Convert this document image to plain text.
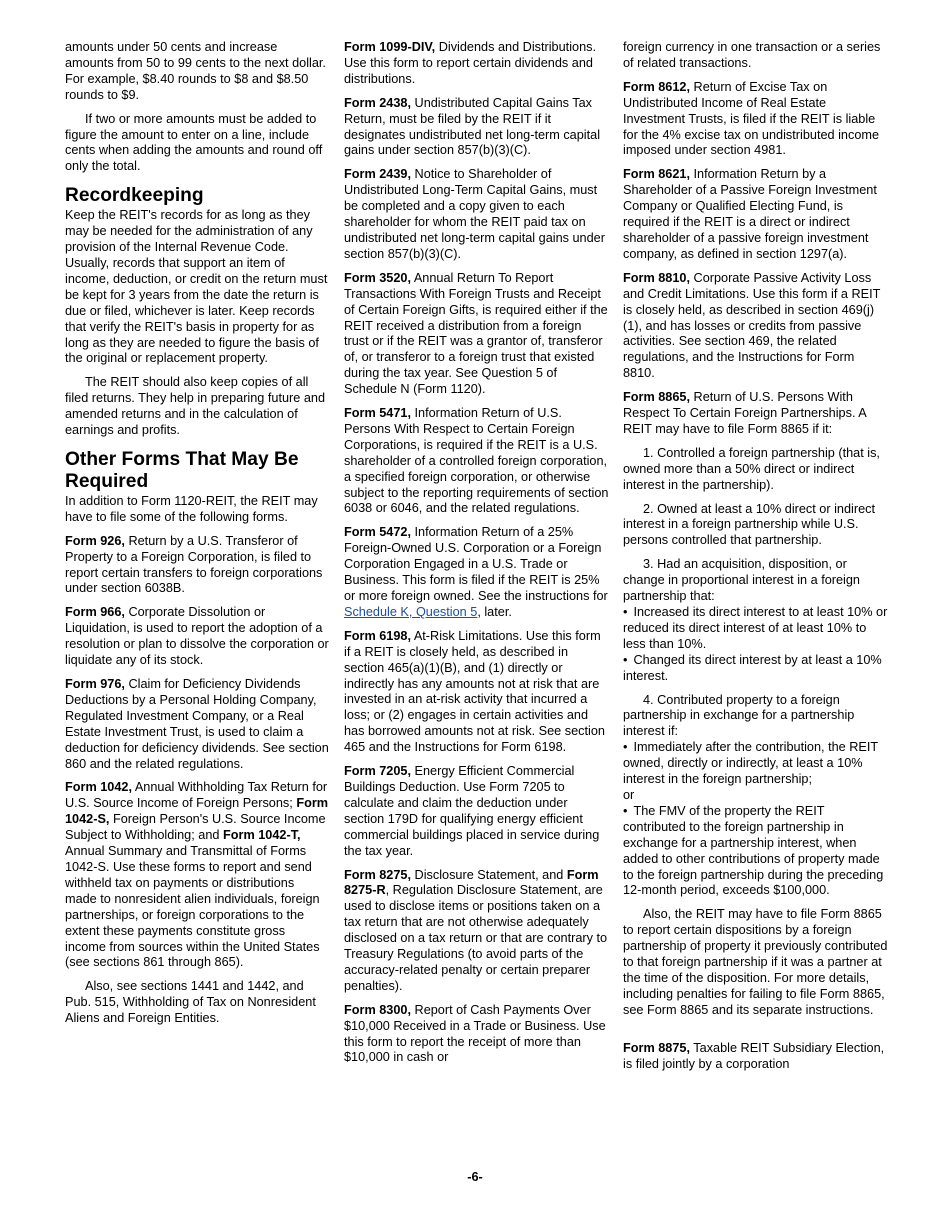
amounts under 50 cents and increase amounts from 50 to 99 cents to the next dollar. For example, $8.40 rounds to $8 and $8.50 rounds to $9.

If two or more amounts must be added to figure the amount to enter on a line, include cents when adding the amounts and round off only the total.

Recordkeeping

Keep the REIT's records for as long as they may be needed for the administration of any provision of the Internal Revenue Code. Usually, records that support an item of income, deduction, or credit on the return must be kept for 3 years from the date the return is due or filed, whichever is later. Keep records that verify the REIT's basis in property for as long as they are needed to figure the basis of the original or replacement property.

The REIT should also keep copies of all filed returns. They help in preparing future and amended returns and in the calculation of earnings and profits.

Other Forms That May Be Required

In addition to Form 1120-REIT, the REIT may have to file some of the following forms.

Form 926, Return by a U.S. Transferor of Property to a Foreign Corporation, is filed to report certain transfers to foreign corporations under section 6038B.

Form 966, Corporate Dissolution or Liquidation, is used to report the adoption of a resolution or plan to dissolve the corporation or liquidate any of its stock.

Form 976, Claim for Deficiency Dividends Deductions by a Personal Holding Company, Regulated Investment Company, or a Real Estate Investment Trust, is used to claim a deduction for deficiency dividends. See section 860 and the related regulations.

Form 1042, Annual Withholding Tax Return for U.S. Source Income of Foreign Persons; Form 1042-S, Foreign Person's U.S. Source Income Subject to Withholding; and Form 1042-T, Annual Summary and Transmittal of Forms 1042-S. Use these forms to report and send withheld tax on payments or distributions made to nonresident alien individuals, foreign partnerships, or foreign corporations to the extent these payments constitute gross income from sources within the United States (see sections 861 through 865).

Also, see sections 1441 and 1442, and Pub. 515, Withholding of Tax on Nonresident Aliens and Foreign Entities.

Form 1099-DIV, Dividends and Distributions. Use this form to report certain dividends and distributions.

Form 2438, Undistributed Capital Gains Tax Return, must be filed by the REIT if it designates undistributed net long-term capital gains under section 857(b)(3)(C).

Form 2439, Notice to Shareholder of Undistributed Long-Term Capital Gains, must be completed and a copy given to each shareholder for whom the REIT paid tax on undistributed net long-term capital gains under section 857(b)(3)(C).

Form 3520, Annual Return To Report Transactions With Foreign Trusts and Receipt of Certain Foreign Gifts, is required either if the REIT received a distribution from a foreign trust or if the REIT was a grantor of, transferor of, or transferor to a foreign trust that existed during the tax year. See Question 5 of Schedule N (Form 1120).

Form 5471, Information Return of U.S. Persons With Respect to Certain Foreign Corporations, is required if the REIT is a U.S. shareholder of a controlled foreign corporation, a specified foreign corporation, or otherwise subject to the reporting requirements of section 6038 or 6046, and the related regulations.

Form 5472, Information Return of a 25% Foreign-Owned U.S. Corporation or a Foreign Corporation Engaged in a U.S. Trade or Business. This form is filed if the REIT is 25% or more foreign owned. See the instructions for Schedule K, Question 5, later.

Form 6198, At-Risk Limitations. Use this form if a REIT is closely held, as described in section 465(a)(1)(B), and (1) directly or indirectly has any amounts not at risk that are invested in an at-risk activity that incurred a loss; or (2) engages in certain activities and has borrowed amounts not at risk. See section 465 and the Instructions for Form 6198.

Form 7205, Energy Efficient Commercial Buildings Deduction. Use Form 7205 to calculate and claim the deduction under section 179D for qualifying energy efficient commercial buildings placed in service during the tax year.

Form 8275, Disclosure Statement, and Form 8275-R, Regulation Disclosure Statement, are used to disclose items or positions taken on a tax return that are not otherwise adequately disclosed on a tax return or that are contrary to Treasury Regulations (to avoid parts of the accuracy-related penalty or certain preparer penalties).

Form 8300, Report of Cash Payments Over $10,000 Received in a Trade or Business. Use this form to report the receipt of more than $10,000 in cash or

foreign currency in one transaction or a series of related transactions.

Form 8612, Return of Excise Tax on Undistributed Income of Real Estate Investment Trusts, is filed if the REIT is liable for the 4% excise tax on undistributed income imposed under section 4981.

Form 8621, Information Return by a Shareholder of a Passive Foreign Investment Company or Qualified Electing Fund, is required if the REIT is a direct or indirect shareholder of a passive foreign investment company, as defined in section 1297(a).

Form 8810, Corporate Passive Activity Loss and Credit Limitations. Use this form if a REIT is closely held, as described in section 469(j)(1), and has losses or credits from passive activities. See section 469, the related regulations, and the Instructions for Form 8810.

Form 8865, Return of U.S. Persons With Respect To Certain Foreign Partnerships. A REIT may have to file Form 8865 if it:

1. Controlled a foreign partnership (that is, owned more than a 50% direct or indirect interest in the partnership).

2. Owned at least a 10% direct or indirect interest in a foreign partnership while U.S. persons controlled that partnership.

3. Had an acquisition, disposition, or change in proportional interest in a foreign partnership that:

• Increased its direct interest to at least 10% or reduced its direct interest of at least 10% to less than 10%.
• Changed its direct interest by at least a 10% interest.

4. Contributed property to a foreign partnership in exchange for a partnership interest if:

• Immediately after the contribution, the REIT owned, directly or indirectly, at least a 10% interest in the foreign partnership;
or
• The FMV of the property the REIT contributed to the foreign partnership in exchange for a partnership interest, when added to other contributions of property made to the foreign partnership during the preceding 12-month period, exceeds $100,000.

Also, the REIT may have to file Form 8865 to report certain dispositions by a foreign partnership of property it previously contributed to that foreign partnership if it was a partner at the time of the disposition. For more details, including penalties for failing to file Form 8865, see Form 8865 and its separate instructions.

Form 8875, Taxable REIT Subsidiary Election, is filed jointly by a corporation

-6-
